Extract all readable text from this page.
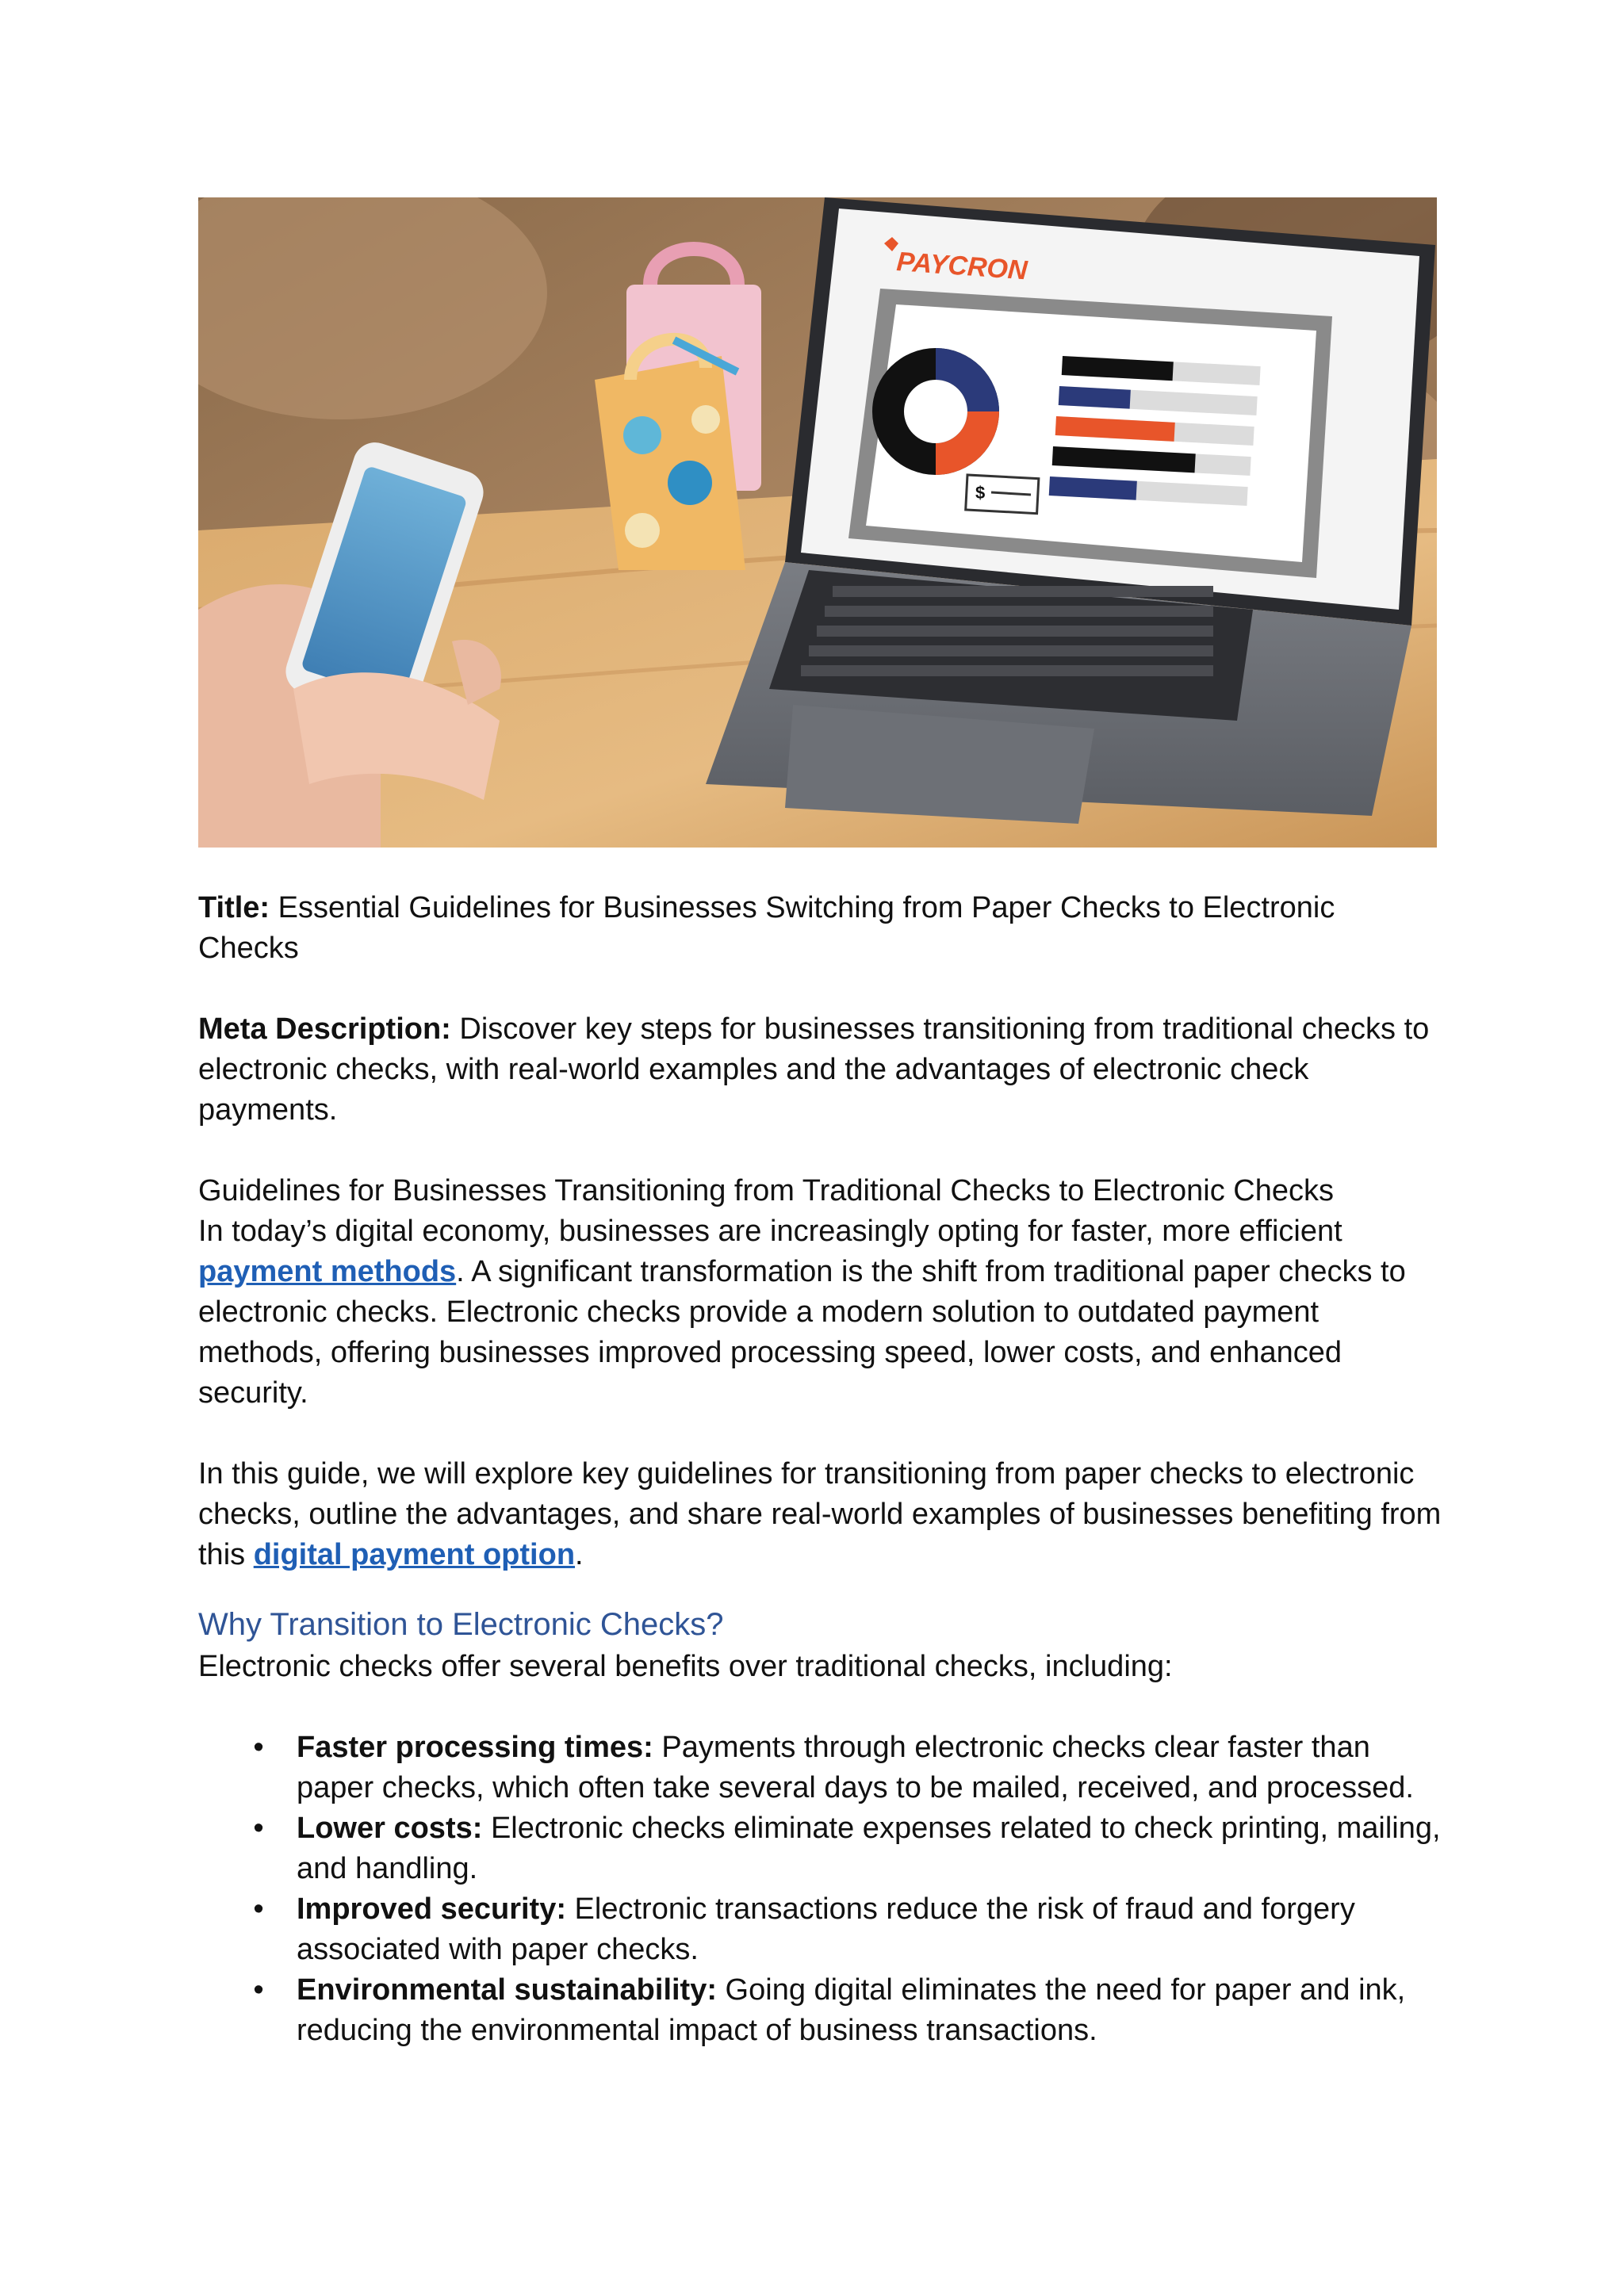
PAYCRON
$

Title: Essential Guidelines for Businesses Switching from Paper Checks to Electronic Checks

Meta Description: Discover key steps for businesses transitioning from traditional checks to electronic checks, with real-world examples and the advantages of electronic check payments.

Guidelines for Businesses Transitioning from Traditional Checks to Electronic Checks

In today’s digital economy, businesses are increasingly opting for faster, more efficient payment methods. A significant transformation is the shift from traditional paper checks to electronic checks. Electronic checks provide a modern solution to outdated payment methods, offering businesses improved processing speed, lower costs, and enhanced security.

In this guide, we will explore key guidelines for transitioning from paper checks to electronic checks, outline the advantages, and share real-world examples of businesses benefiting from this digital payment option.

Why Transition to Electronic Checks?

Electronic checks offer several benefits over traditional checks, including:

• Faster processing times: Payments through electronic checks clear faster than paper checks, which often take several days to be mailed, received, and processed.
• Lower costs: Electronic checks eliminate expenses related to check printing, mailing, and handling.
• Improved security: Electronic transactions reduce the risk of fraud and forgery associated with paper checks.
• Environmental sustainability: Going digital eliminates the need for paper and ink, reducing the environmental impact of business transactions.
